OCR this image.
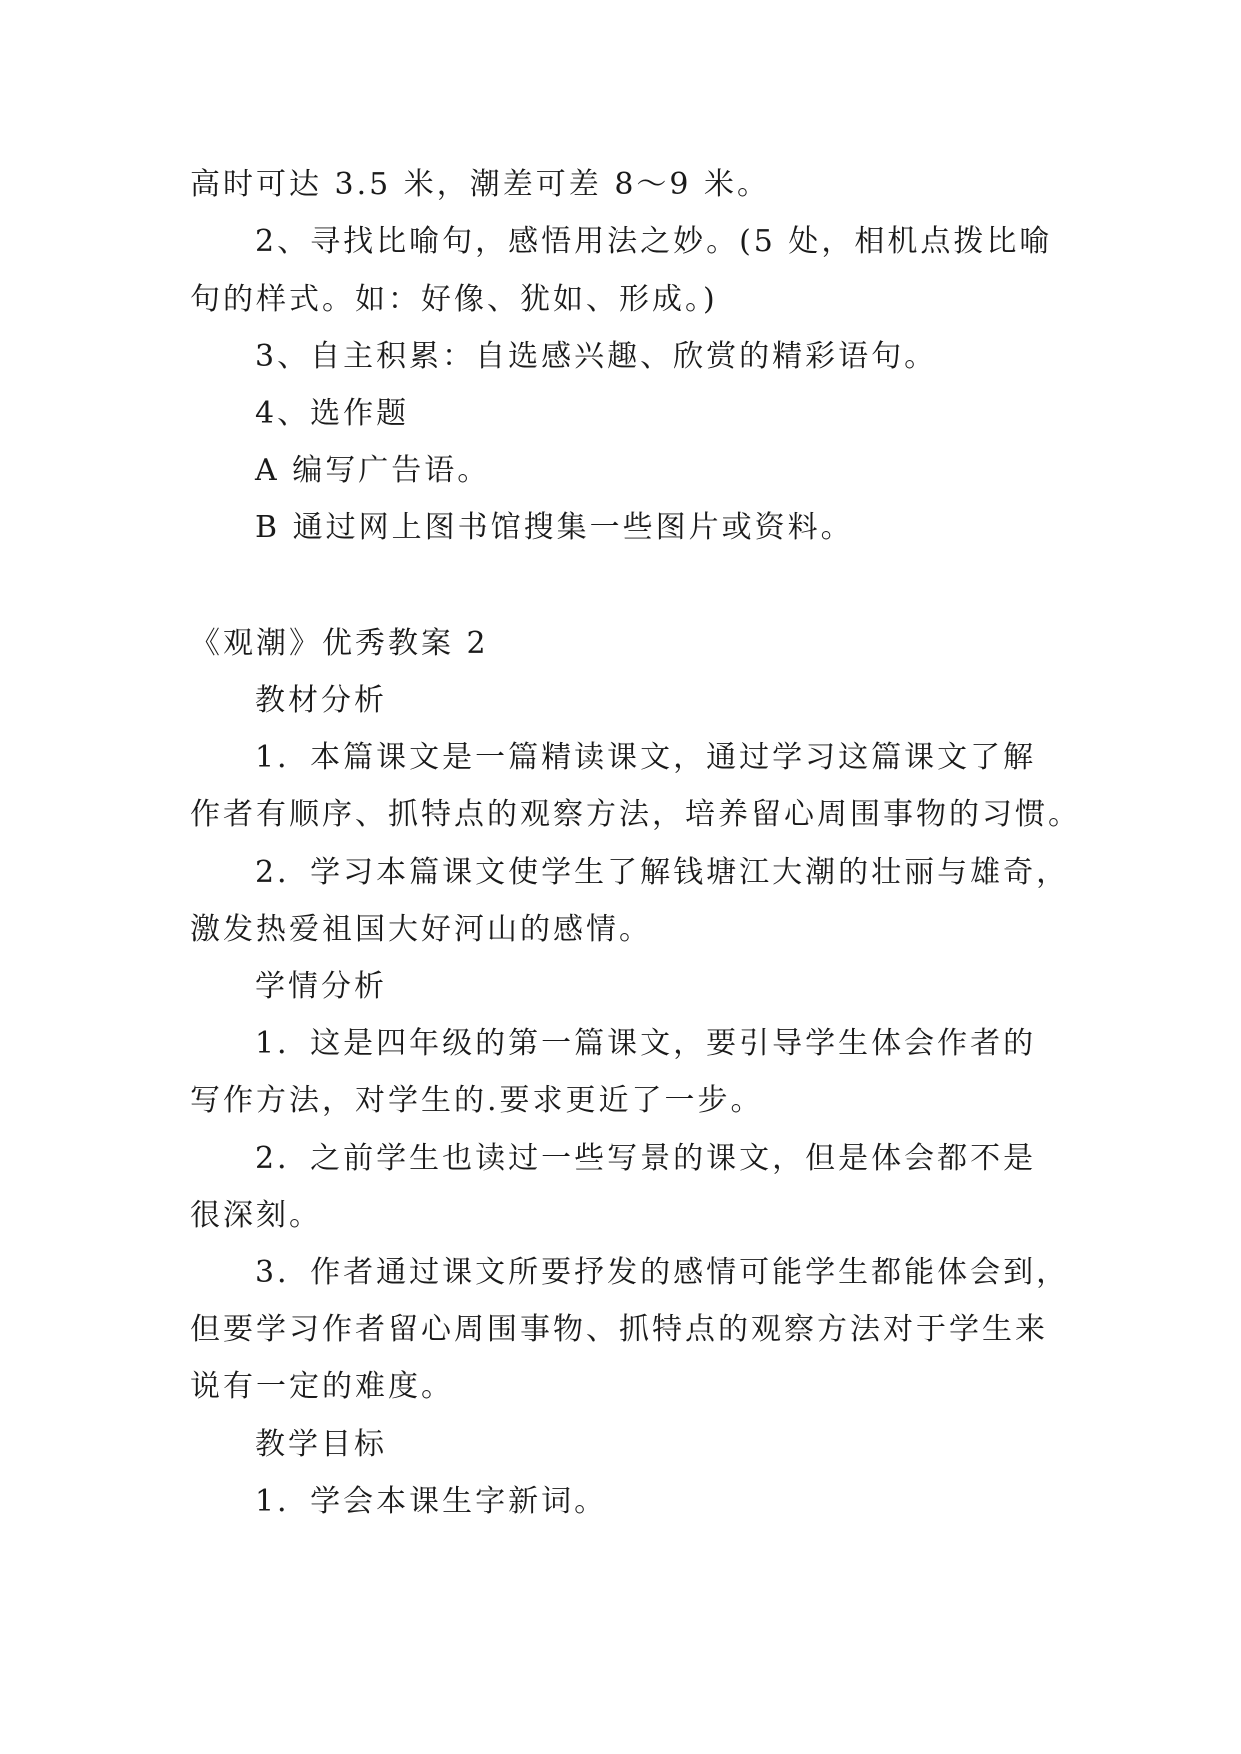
高时可达 3.5 米，潮差可差 8～9 米。
2、寻找比喻句，感悟用法之妙。(5 处，相机点拨比喻
句的样式。如：好像、犹如、形成。)
3、自主积累：自选感兴趣、欣赏的精彩语句。
4、选作题
A 编写广告语。
B 通过网上图书馆搜集一些图片或资料。
《观潮》优秀教案 2
教材分析
1．本篇课文是一篇精读课文，通过学习这篇课文了解
作者有顺序、抓特点的观察方法，培养留心周围事物的习惯。
2．学习本篇课文使学生了解钱塘江大潮的壮丽与雄奇，
激发热爱祖国大好河山的感情。
学情分析
1．这是四年级的第一篇课文，要引导学生体会作者的
写作方法，对学生的.要求更近了一步。
2．之前学生也读过一些写景的课文，但是体会都不是
很深刻。
3．作者通过课文所要抒发的感情可能学生都能体会到，
但要学习作者留心周围事物、抓特点的观察方法对于学生来
说有一定的难度。
教学目标
1．学会本课生字新词。
